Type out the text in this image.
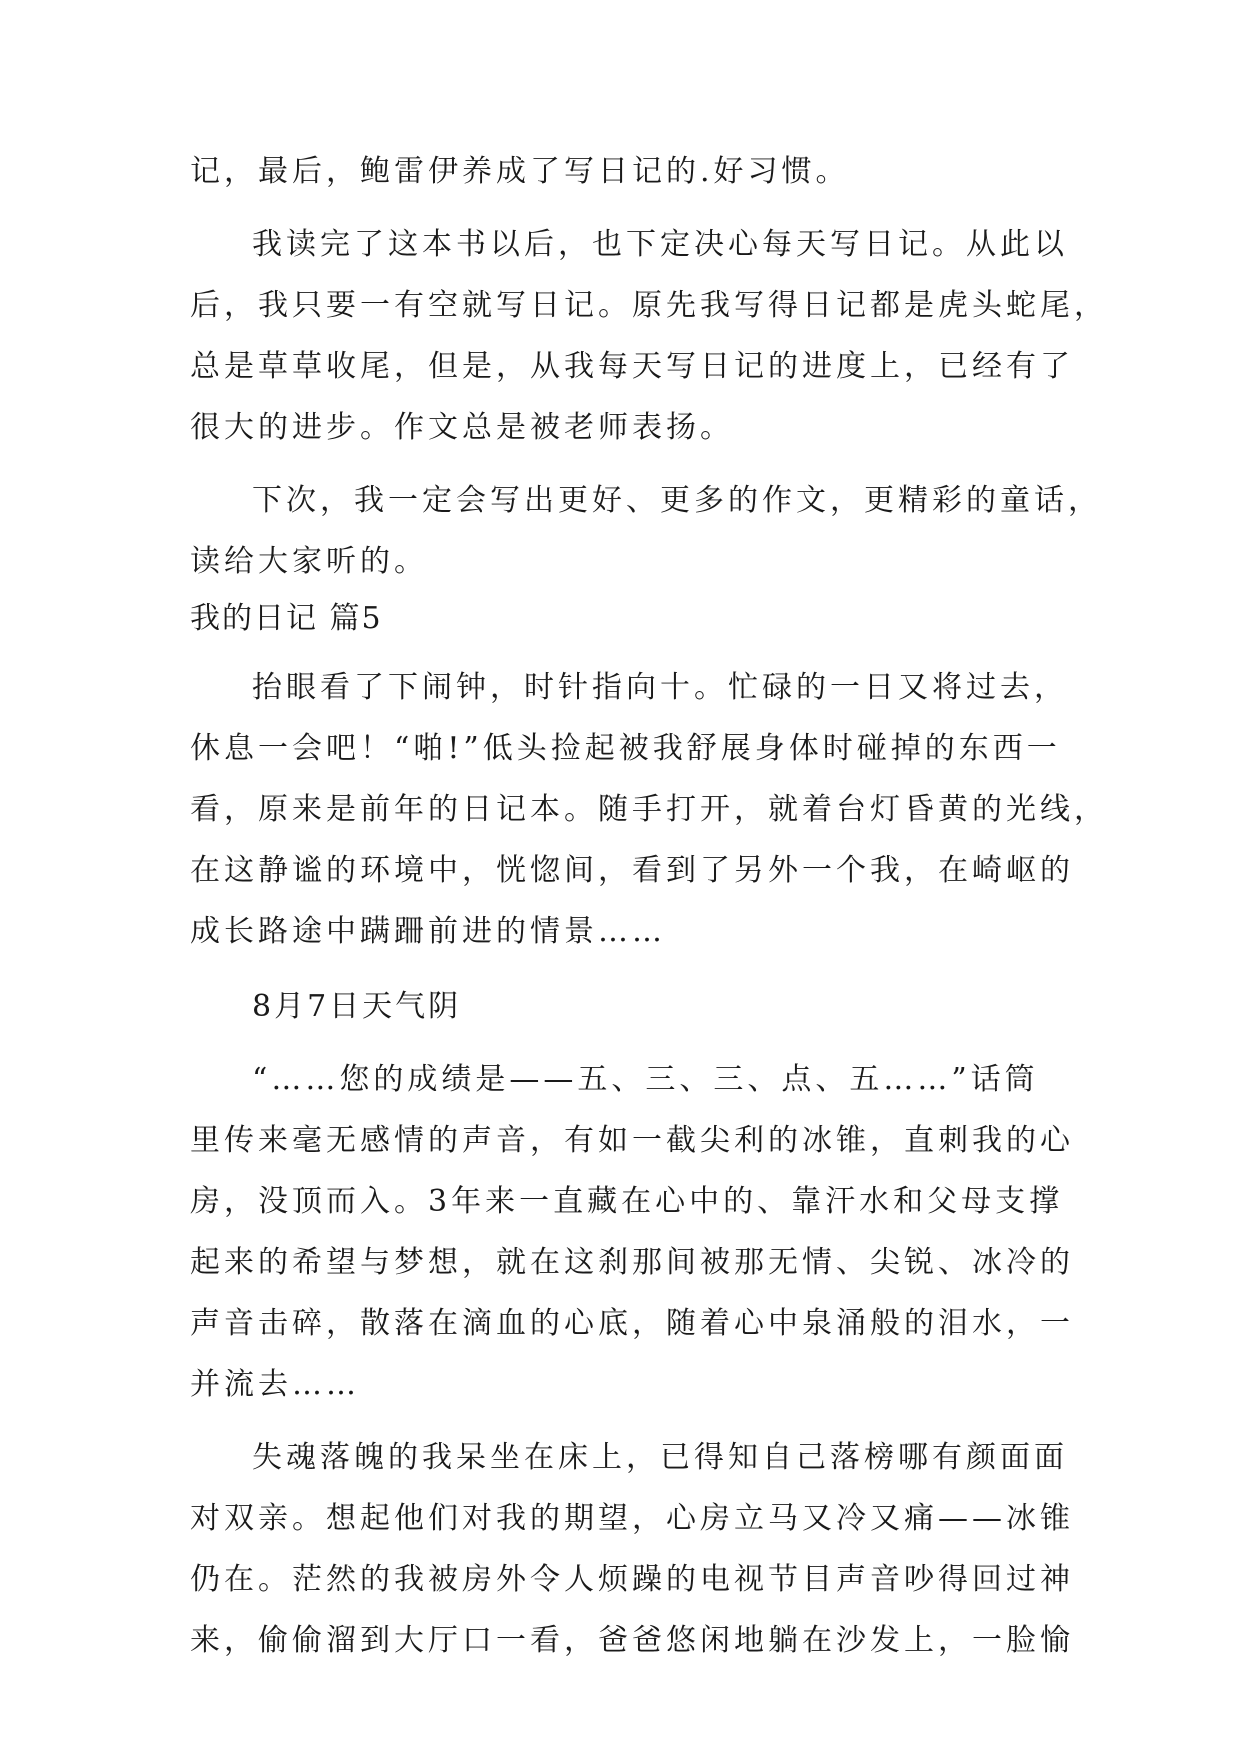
记，最后，鲍雷伊养成了写日记的.好习惯。
我读完了这本书以后，也下定决心每天写日记。从此以
后，我只要一有空就写日记。原先我写得日记都是虎头蛇尾，
总是草草收尾，但是，从我每天写日记的进度上，已经有了
很大的进步。作文总是被老师表扬。
下次，我一定会写出更好、更多的作文，更精彩的童话，
读给大家听的。
我的日记 篇5
抬眼看了下闹钟，时针指向十。忙碌的一日又将过去，
休息一会吧！“啪!”低头捡起被我舒展身体时碰掉的东西一
看，原来是前年的日记本。随手打开，就着台灯昏黄的光线，
在这静谧的环境中，恍惚间，看到了另外一个我，在崎岖的
成长路途中蹒跚前进的情景……
8月7日天气阴
“……您的成绩是——五、三、三、点、五……”话筒
里传来毫无感情的声音，有如一截尖利的冰锥，直刺我的心
房，没顶而入。3年来一直藏在心中的、靠汗水和父母支撑
起来的希望与梦想，就在这刹那间被那无情、尖锐、冰冷的
声音击碎，散落在滴血的心底，随着心中泉涌般的泪水，一
并流去……
失魂落魄的我呆坐在床上，已得知自己落榜哪有颜面面
对双亲。想起他们对我的期望，心房立马又冷又痛——冰锥
仍在。茫然的我被房外令人烦躁的电视节目声音吵得回过神
来，偷偷溜到大厅口一看，爸爸悠闲地躺在沙发上，一脸愉
